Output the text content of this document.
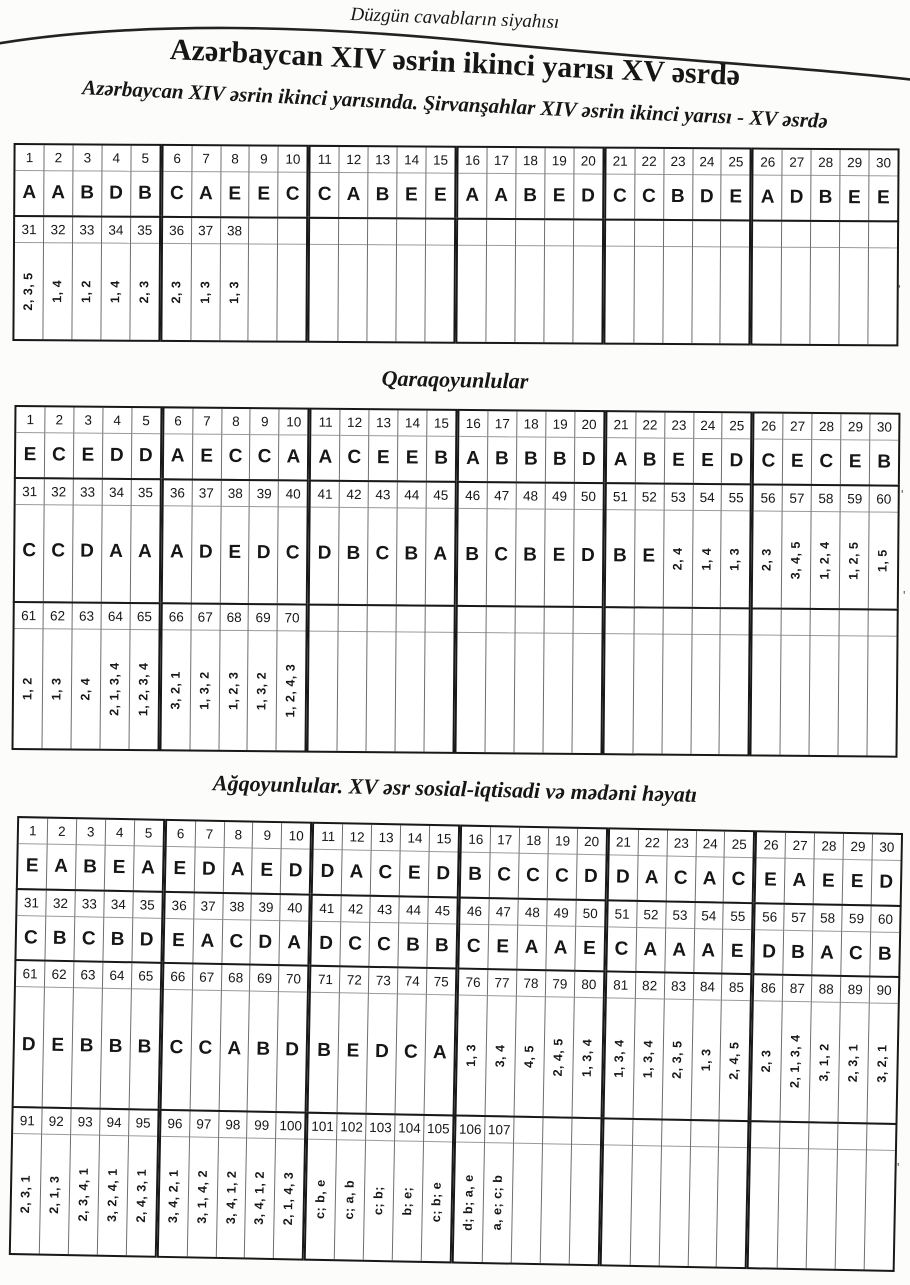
Düzgün cavabların siyahısı
Azərbaycan XIV əsrin ikinci yarısı XV əsrdə
Azərbaycan XIV əsrin ikinci yarısında. Şirvanşahlar XIV əsrin ikinci yarısı - XV əsrdə
1
A
2
A
3
B
4
D
5
B
6
C
7
A
8
E
9
E
10
C
11
C
12
A
13
B
14
E
15
E
16
A
17
A
18
B
19
E
20
D
21
C
22
C
23
B
24
D
25
E
26
A
27
D
28
B
29
E
30
E
31
2, 3, 5
32
1, 4
33
1, 2
34
1, 4
35
2, 3
36
2, 3
37
1, 3
38
1, 3
Qaraqoyunlular
1
E
2
C
3
E
4
D
5
D
6
A
7
E
8
C
9
C
10
A
11
A
12
C
13
E
14
E
15
B
16
A
17
B
18
B
19
B
20
D
21
A
22
B
23
E
24
E
25
D
26
C
27
E
28
C
29
E
30
B
31
C
32
C
33
D
34
A
35
A
36
A
37
D
38
E
39
D
40
C
41
D
42
B
43
C
44
B
45
A
46
B
47
C
48
B
49
E
50
D
51
B
52
E
53
2, 4
54
1, 4
55
1, 3
56
2, 3
57
3, 4, 5
58
1, 2, 4
59
1, 2, 5
60
1, 5
61
1, 2
62
1, 3
63
2, 4
64
2, 1, 3, 4
65
1, 2, 3, 4
66
3, 2, 1
67
1, 3, 2
68
1, 2, 3
69
1, 3, 2
70
1, 2, 4, 3
Ağqoyunlular. XV əsr sosial-iqtisadi və mədəni həyatı
1
E
2
A
3
B
4
E
5
A
6
E
7
D
8
A
9
E
10
D
11
D
12
A
13
C
14
E
15
D
16
B
17
C
18
C
19
C
20
D
21
D
22
A
23
C
24
A
25
C
26
E
27
A
28
E
29
E
30
D
31
C
32
B
33
C
34
B
35
D
36
E
37
A
38
C
39
D
40
A
41
D
42
C
43
C
44
B
45
B
46
C
47
E
48
A
49
A
50
E
51
C
52
A
53
A
54
A
55
E
56
D
57
B
58
A
59
C
60
B
61
D
62
E
63
B
64
B
65
B
66
C
67
C
68
A
69
B
70
D
71
B
72
E
73
D
74
C
75
A
76
1, 3
77
3, 4
78
4, 5
79
2, 4, 5
80
1, 3, 4
81
1, 3, 4
82
1, 3, 4
83
2, 3, 5
84
1, 3
85
2, 4, 5
86
2, 3
87
2, 1, 3, 4
88
3, 1, 2
89
2, 3, 1
90
3, 2, 1
91
2, 3, 1
92
2, 1, 3
93
2, 3, 4, 1
94
3, 2, 4, 1
95
2, 4, 3, 1
96
3, 4, 2, 1
97
3, 1, 4, 2
98
3, 4, 1, 2
99
3, 4, 1, 2
100
2, 1, 4, 3
101
c; b, e
102
c; a, b
103
c; b;
104
b; e;
105
c; b; e
106
d; b; a, e
107
a, e; c; b
'
'
'
'
